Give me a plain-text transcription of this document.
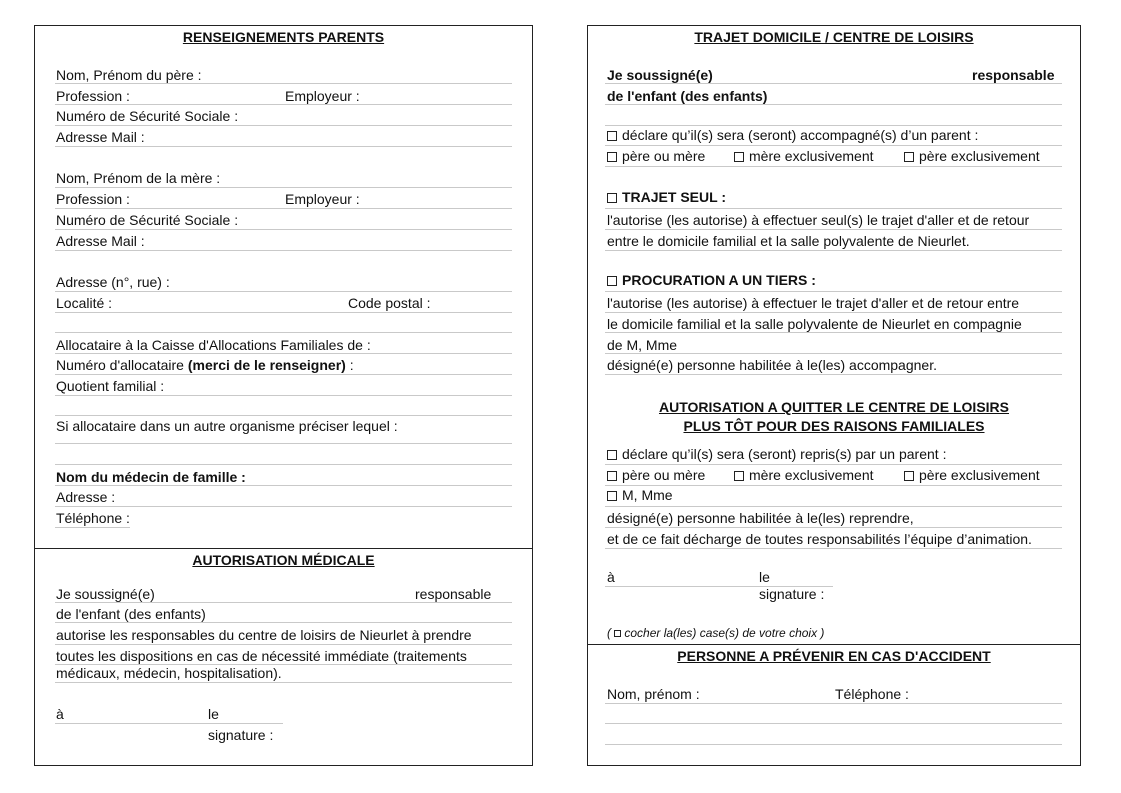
RENSEIGNEMENTS PARENTS
Nom, Prénom du père :
Profession :	Employeur :
Numéro de Sécurité Sociale :
Adresse Mail :
Nom, Prénom de la mère :
Profession :	Employeur :
Numéro de Sécurité Sociale :
Adresse Mail :
Adresse (n°, rue) :
Localité :	Code postal :
Allocataire à la Caisse d'Allocations Familiales de :
Numéro d'allocataire (merci de le renseigner) :
Quotient familial :
Si allocataire dans un autre organisme préciser lequel :
Nom du médecin de famille :
Adresse :
Téléphone :
AUTORISATION MÉDICALE
Je soussigné(e)	responsable
de l'enfant (des enfants)
autorise les responsables du centre de loisirs de Nieurlet à prendre
toutes les dispositions en cas de nécessité immédiate (traitements
médicaux, médecin, hospitalisation).
à	le
signature :
TRAJET DOMICILE / CENTRE DE LOISIRS
Je soussigné(e)	responsable
de l'enfant (des enfants)
déclare qu’il(s) sera (seront) accompagné(s) d’un parent :
père ou mère	mère exclusivement	père exclusivement
TRAJET SEUL :
l'autorise (les autorise) à effectuer seul(s) le trajet d'aller et de retour
entre le domicile familial et la salle polyvalente de Nieurlet.
PROCURATION A UN TIERS :
l'autorise (les autorise) à effectuer le trajet d'aller et de retour entre
le domicile familial et la salle polyvalente de Nieurlet en compagnie
de M, Mme
désigné(e) personne habilitée à le(les) accompagner.
AUTORISATION A QUITTER LE CENTRE DE LOISIRS
PLUS TÔT POUR DES RAISONS FAMILIALES
déclare qu’il(s) sera (seront) repris(s) par un parent :
père ou mère	mère exclusivement	père exclusivement
M, Mme
désigné(e) personne habilitée à le(les) reprendre,
et de ce fait décharge de toutes responsabilités l’équipe d’animation.
à	le
signature :
( cocher la(les) case(s) de votre choix )
PERSONNE A PRÉVENIR EN CAS D'ACCIDENT
Nom, prénom :	Téléphone :
